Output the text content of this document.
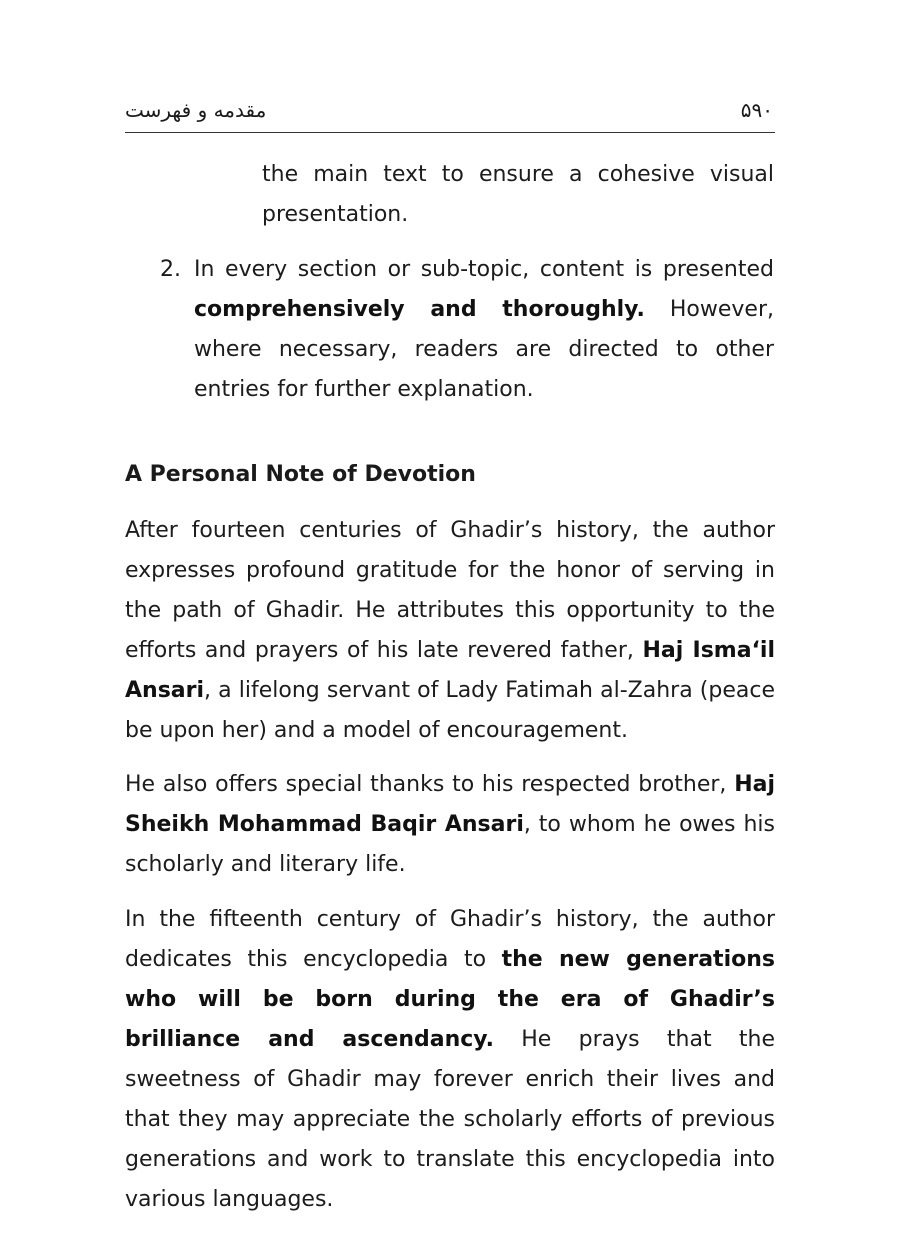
مقدمه و فهرست	۵۹۰

the main text to ensure a cohesive visual presentation.

2. In every section or sub-topic, content is presented comprehensively and thoroughly. However, where necessary, readers are directed to other entries for further explanation.

A Personal Note of Devotion

After fourteen centuries of Ghadir’s history, the author expresses profound gratitude for the honor of serving in the path of Ghadir. He attributes this opportunity to the efforts and prayers of his late revered father, Haj Isma‘il Ansari, a lifelong servant of Lady Fatimah al-Zahra (peace be upon her) and a model of encouragement.

He also offers special thanks to his respected brother, Haj Sheikh Mohammad Baqir Ansari, to whom he owes his scholarly and literary life.

In the fifteenth century of Ghadir’s history, the author dedicates this encyclopedia to the new generations who will be born during the era of Ghadir’s brilliance and ascendancy. He prays that the sweetness of Ghadir may forever enrich their lives and that they may appreciate the scholarly efforts of previous generations and work to translate this encyclopedia into various languages.
